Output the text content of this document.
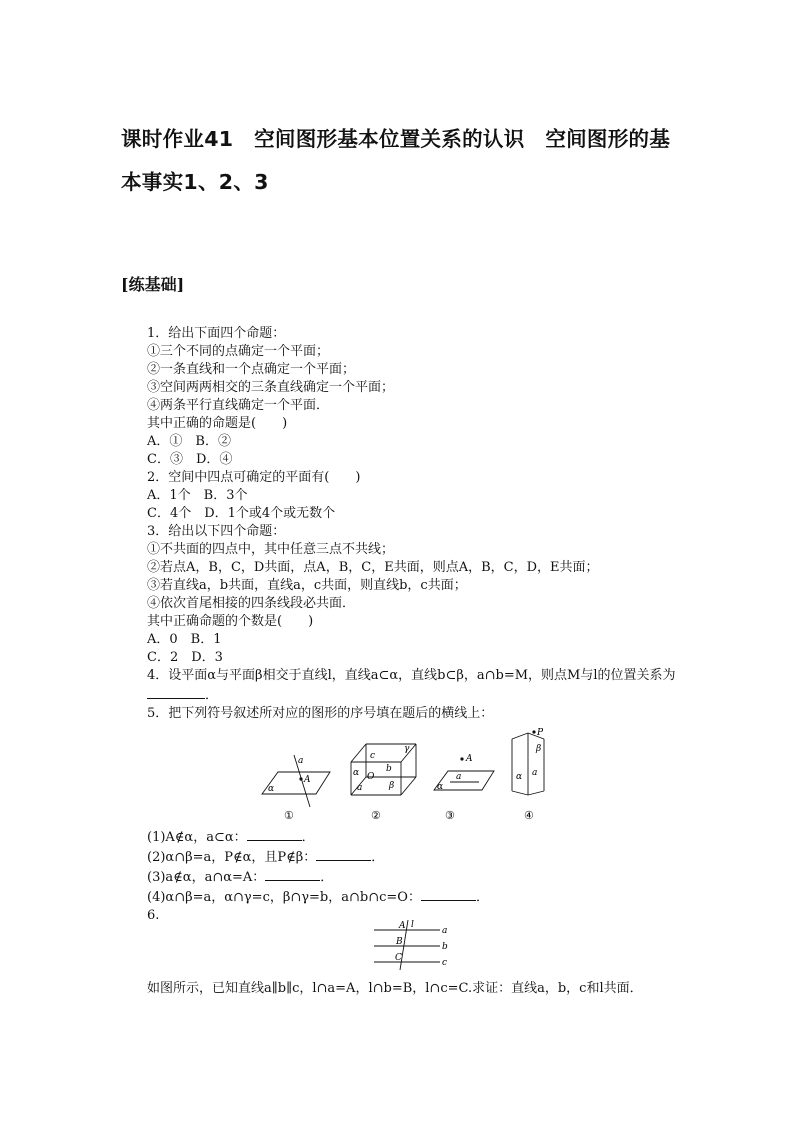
课时作业41　空间图形基本位置关系的认识　空间图形的基本事实1、2、3
[练基础]
1．给出下面四个命题：
①三个不同的点确定一个平面；
②一条直线和一个点确定一个平面；
③空间两两相交的三条直线确定一个平面；
④两条平行直线确定一个平面．
其中正确的命题是(　　)
A．①　B．②
C．③　D．④
2．空间中四点可确定的平面有(　　)
A．1个　B．3个
C．4个　D．1个或4个或无数个
3．给出以下四个命题：
①不共面的四点中，其中任意三点不共线；
②若点A，B，C，D共面，点A，B，C，E共面，则点A，B，C，D，E共面；
③若直线a，b共面，直线a，c共面，则直线b，c共面；
④依次首尾相接的四条线段必共面．
其中正确命题的个数是(　　)
A．0　B．1
C．2　D．3
4．设平面α与平面β相交于直线l，直线a⊂α，直线b⊂β，a∩b=M，则点M与l的位置关系为．
5．把下列符号叙述所对应的图形的序号填在题后的横线上：
a
A
α
①
c
γ
α	b
O
a	β
②
A
a
α
③
P
β
α a
④
(1)A∉α，a⊂α：	．
(2)α∩β=a，P∉α，且P∉β：	．
(3)a∉α，a∩α=A：	．
(4)α∩β=a，α∩γ=c，β∩γ=b，a∩b∩c=O：	．
6.
A l
a
B	b
C	c
如图所示，已知直线a∥b∥c，l∩a=A，l∩b=B，l∩c=C.求证：直线a，b，c和l共面．
